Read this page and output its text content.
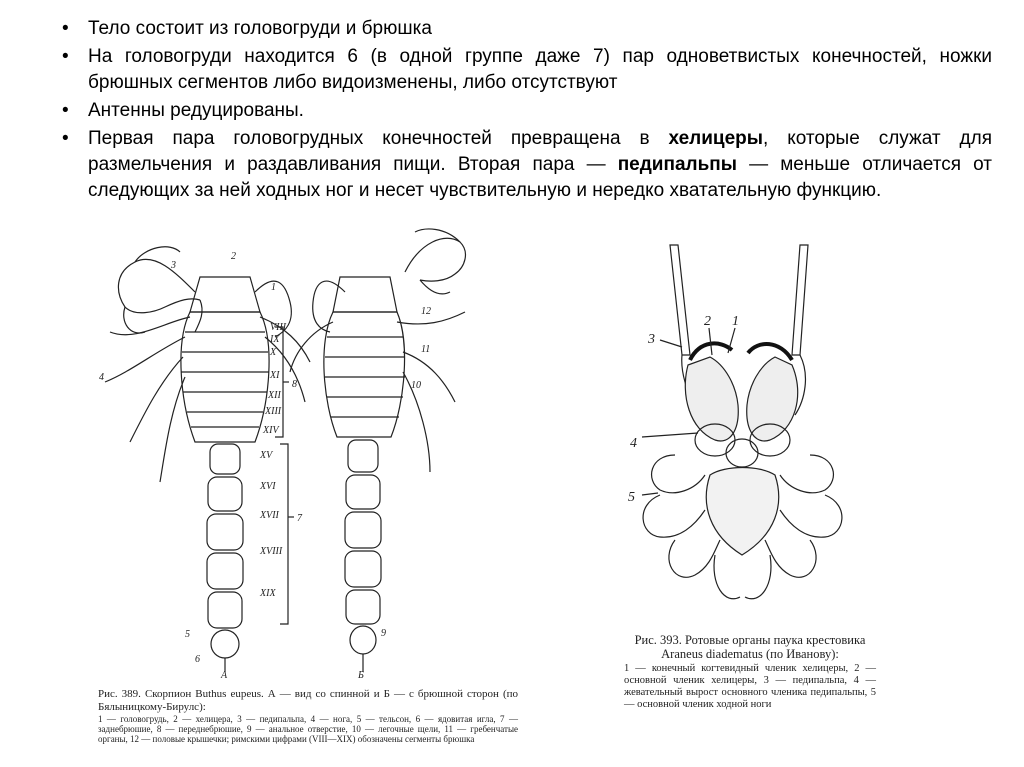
• Тело состоит из головогруди и брюшка
• На головогруди находится 6 (в одной группе даже 7) пар одноветвистых конечностей, ножки брюшных сегментов либо видоизменены, либо отсутствуют
• Антенны редуцированы.
• Первая пара головогрудных конечностей превращена в хелицеры, которые служат для размельчения и раздавливания пищи. Вторая пара — педипальпы — меньше отличается от следующих за ней ходных ног и несет чувствительную и нередко хватательную функцию.
2
1
3
4
VIII
IX
X
XI
8
XII
XIII
XIV
XV
XVI
XVII 7
XVIII
XIX
5
6
А
12
11
10
9
Б
Рис. 389. Скорпион Buthus eupeus. А — вид со спинной и Б — с брюшной сторон (по Бялыницкому-Бирулс):
1 — головогрудь, 2 — хелицера, 3 — педипальпа, 4 — нога, 5 — тельсон, 6 — ядовитая игла, 7 — заднебрюшие, 8 — переднебрюшие, 9 — анальное отверстие, 10 — легочные щели, 11 — гребенчатые органы, 12 — половые крышечки; римскими цифрами (VIII—XIX) обозначены сегменты брюшка
3
2 1
4
5
Рис. 393. Ротовые органы паука крестовика Araneus diadematus (по Иванову):
1 — конечный когтевидный членик хелицеры, 2 — основной членик хелицеры, 3 — педипальпа, 4 — жевательный вырост основного членика педипальпы, 5 — основной членик ходной ноги
